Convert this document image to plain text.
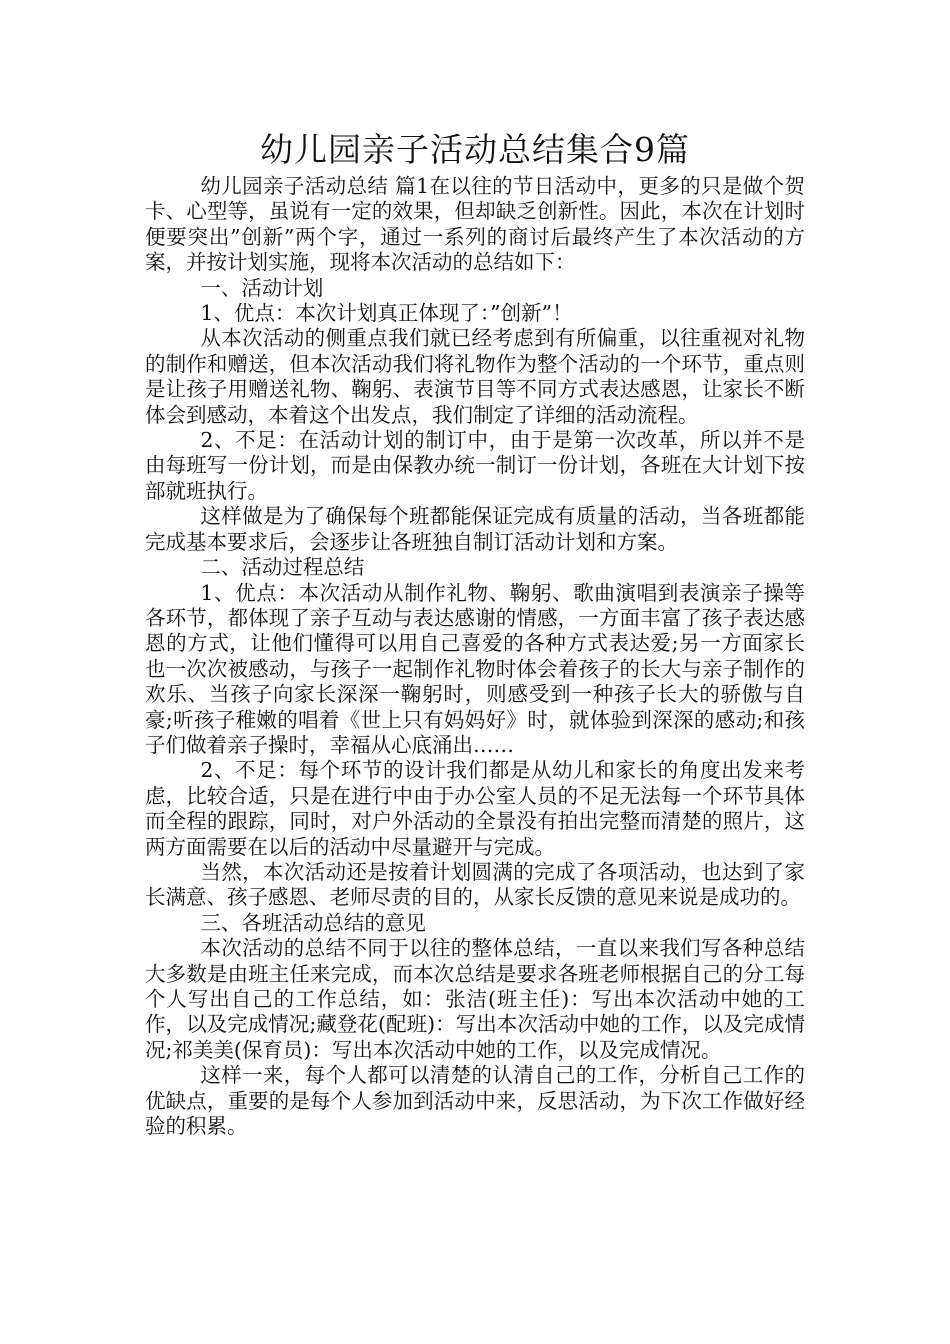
幼儿园亲子活动总结集合9篇

幼儿园亲子活动总结 篇1在以往的节日活动中，更多的只是做个贺卡、心型等，虽说有一定的效果，但却缺乏创新性。因此，本次在计划时便要突出”创新”两个字，通过一系列的商讨后最终产生了本次活动的方案，并按计划实施，现将本次活动的总结如下：

一、活动计划

1、优点：本次计划真正体现了：”创新”！

从本次活动的侧重点我们就已经考虑到有所偏重，以往重视对礼物的制作和赠送，但本次活动我们将礼物作为整个活动的一个环节，重点则是让孩子用赠送礼物、鞠躬、表演节目等不同方式表达感恩，让家长不断体会到感动，本着这个出发点，我们制定了详细的活动流程。

2、不足：在活动计划的制订中，由于是第一次改革，所以并不是由每班写一份计划，而是由保教办统一制订一份计划，各班在大计划下按部就班执行。

这样做是为了确保每个班都能保证完成有质量的活动，当各班都能完成基本要求后，会逐步让各班独自制订活动计划和方案。

二、活动过程总结

1、优点：本次活动从制作礼物、鞠躬、歌曲演唱到表演亲子操等各环节，都体现了亲子互动与表达感谢的情感，一方面丰富了孩子表达感恩的方式，让他们懂得可以用自己喜爱的各种方式表达爱;另一方面家长也一次次被感动，与孩子一起制作礼物时体会着孩子的长大与亲子制作的欢乐、当孩子向家长深深一鞠躬时，则感受到一种孩子长大的骄傲与自豪;听孩子稚嫩的唱着《世上只有妈妈好》时，就体验到深深的感动;和孩子们做着亲子操时，幸福从心底涌出……

2、不足：每个环节的设计我们都是从幼儿和家长的角度出发来考虑，比较合适，只是在进行中由于办公室人员的不足无法每一个环节具体而全程的跟踪，同时，对户外活动的全景没有拍出完整而清楚的照片，这两方面需要在以后的活动中尽量避开与完成。

当然，本次活动还是按着计划圆满的完成了各项活动，也达到了家长满意、孩子感恩、老师尽责的目的，从家长反馈的意见来说是成功的。

三、各班活动总结的意见

本次活动的总结不同于以往的整体总结，一直以来我们写各种总结大多数是由班主任来完成，而本次总结是要求各班老师根据自己的分工每个人写出自己的工作总结，如：张洁(班主任)：写出本次活动中她的工作，以及完成情况;藏登花(配班)：写出本次活动中她的工作，以及完成情况;祁美美(保育员)：写出本次活动中她的工作，以及完成情况。

这样一来，每个人都可以清楚的认清自己的工作，分析自己工作的优缺点，重要的是每个人参加到活动中来，反思活动，为下次工作做好经验的积累。
